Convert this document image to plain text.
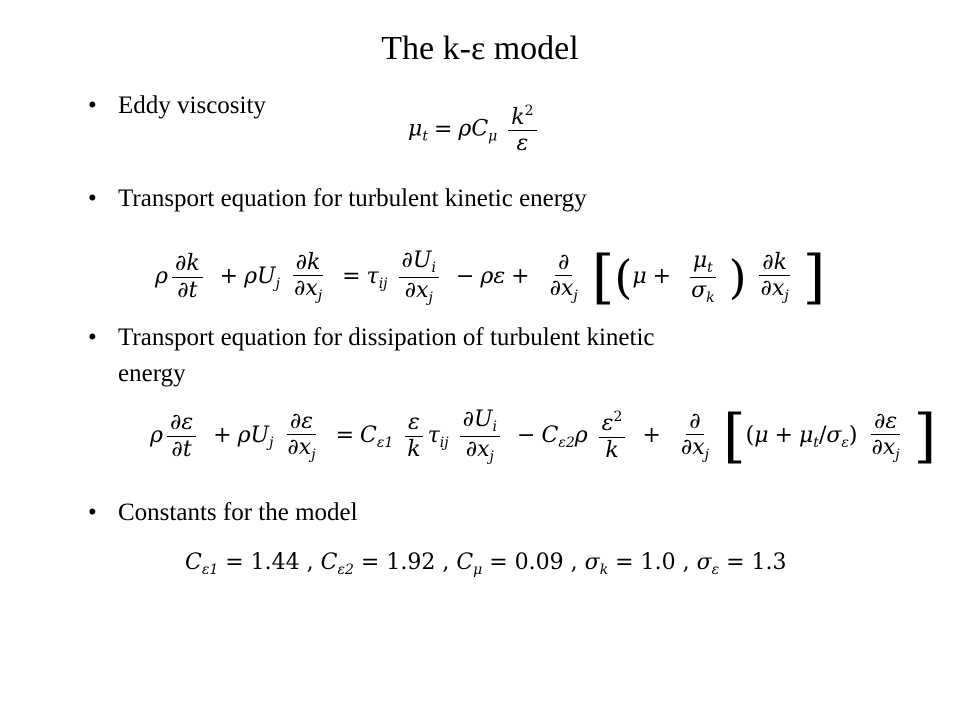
The k-ε model
• Eddy viscosity
$\mu_t = \rho C_\mu \frac{k^2}{\varepsilon}$
• Transport equation for turbulent kinetic energy
ρ $\frac{\partial k}{\partial t} + \rho U_j \frac{\partial k}{\partial x_j} = \tau_{ij} \frac{\partial U_i}{\partial x_j} - \rho\varepsilon + \frac{\partial}{\partial x_j} [(\mu + \frac{\mu_t}{\sigma_k}$ ) $\frac{\partial k}{\partial x_j}$ ]
• Transport equation for dissipation of turbulent kinetic
energy
ρ $\frac{\partial\varepsilon}{\partial t} + \rho U_j \frac{\partial\varepsilon}{\partial x_j} = C_{\varepsilon 1} \frac{\varepsilon}{k} \tau_{ij} \frac{\partial U_i}{\partial x_j} - C_{\varepsilon 2}\rho \frac{\varepsilon^2}{k} + \frac{\partial}{\partial x_j} [(\mu + \mu_t/\sigma_\varepsilon) \frac{\partial\varepsilon}{\partial x_j}$ ]
• Constants for the model
$C_{\varepsilon 1} = 1.44$ , $C_{\varepsilon 2} = 1.92$ , $C_\mu = 0.09$ , $\sigma_k = 1.0$ , $\sigma_\varepsilon = 1.3$
